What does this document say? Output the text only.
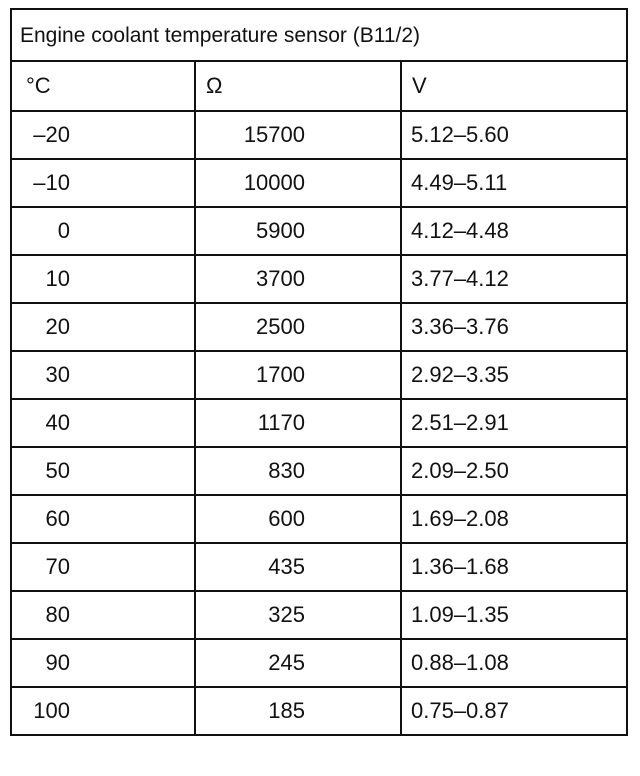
Engine coolant temperature sensor (B11/2)		
°C	Ω	V
‒20	15700	5.12–5.60
‒10	10000	4.49–5.11
0	5900	4.12–4.48
10	3700	3.77–4.12
20	2500	3.36–3.76
30	1700	2.92–3.35
40	1170	2.51–2.91
50	830	2.09–2.50
60	600	1.69–2.08
70	435	1.36–1.68
80	325	1.09–1.35
90	245	0.88–1.08
100	185	0.75–0.87
